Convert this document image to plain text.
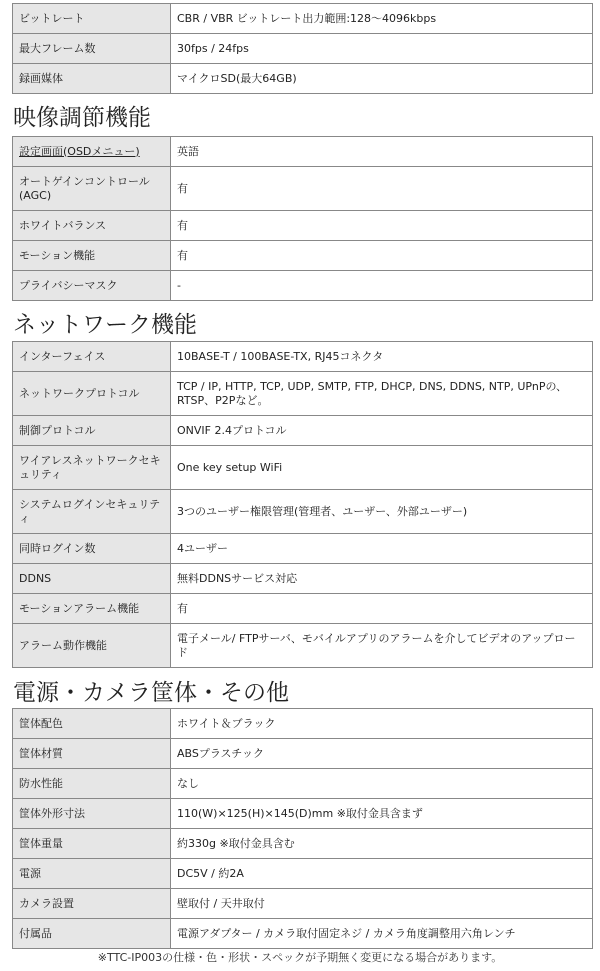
ビットレート	CBR / VBR ビットレート出力範囲:128～4096kbps
最大フレーム数	30fps / 24fps
録画媒体	マイクロSD(最大64GB)
映像調節機能
設定画面(OSDメニュー)	英語
オートゲインコントロール(AGC)	有
ホワイトバランス	有
モーション機能	有
プライバシーマスク	-
ネットワーク機能
インターフェイス	10BASE-T / 100BASE-TX, RJ45コネクタ
ネットワークプロトコル	TCP / IP, HTTP, TCP, UDP, SMTP, FTP, DHCP, DNS, DDNS, NTP, UPnPの、RTSP、P2Pなど。
制御プロトコル	ONVIF 2.4プロトコル
ワイアレスネットワークセキュリティ	One key setup WiFi
システムログインセキュリティ	3つのユーザー権限管理(管理者、ユーザー、外部ユーザー)
同時ログイン数	4ユーザー
DDNS	無料DDNSサービス対応
モーションアラーム機能	有
アラーム動作機能	電子メール/ FTPサーバ、モバイルアプリのアラームを介してビデオのアップロード
電源・カメラ筐体・その他
筐体配色	ホワイト＆ブラック
筐体材質	ABSプラスチック
防水性能	なし
筐体外形寸法	110(W)×125(H)×145(D)mm ※取付金具含まず
筐体重量	約330g ※取付金具含む
電源	DC5V / 約2A
カメラ設置	壁取付 / 天井取付
付属品	電源アダプター / カメラ取付固定ネジ / カメラ角度調整用六角レンチ
※TTC-IP003の仕様・色・形状・スペックが予期無く変更になる場合があります。
